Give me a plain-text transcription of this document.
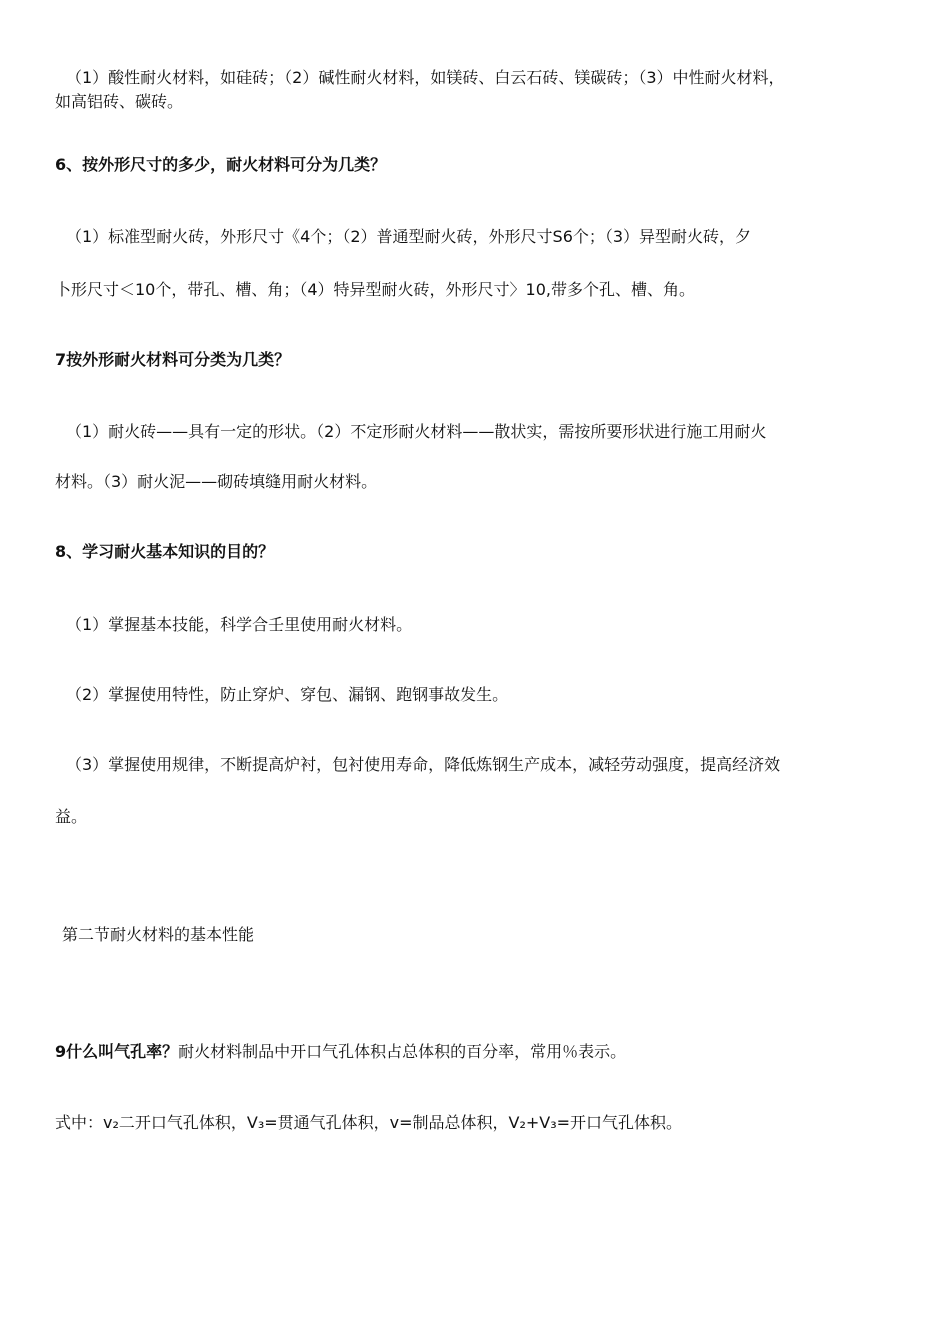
（1）酸性耐火材料，如硅砖；（2）碱性耐火材料，如镁砖、白云石砖、镁碳砖；（3）中性耐火材料，
如高铝砖、碳砖。
6、按外形尺寸的多少，耐火材料可分为几类？
（1）标准型耐火砖，外形尺寸《4个；（2）普通型耐火砖，外形尺寸S6个；（3）异型耐火砖，夕
卜形尺寸＜10个，带孔、槽、角；（4）特异型耐火砖，外形尺寸〉10,带多个孔、槽、角。
7按外形耐火材料可分类为几类？
（1）耐火砖——具有一定的形状。（2）不定形耐火材料——散状实，需按所要形状进行施工用耐火
材料。（3）耐火泥——砌砖填缝用耐火材料。
8、学习耐火基本知识的目的？
（1）掌握基本技能，科学合壬里使用耐火材料。
（2）掌握使用特性，防止穿炉、穿包、漏钢、跑钢事故发生。
（3）掌握使用规律，不断提高炉衬，包衬使用寿命，降低炼钢生产成本，减轻劳动强度，提高经济效
益。
第二节耐火材料的基本性能
9什么叫气孔率？耐火材料制品中开口气孔体积占总体积的百分率，常用％表示。
式中：v₂二开口气孔体积，V₃=贯通气孔体积，v=制品总体积，V₂+V₃=开口气孔体积。
